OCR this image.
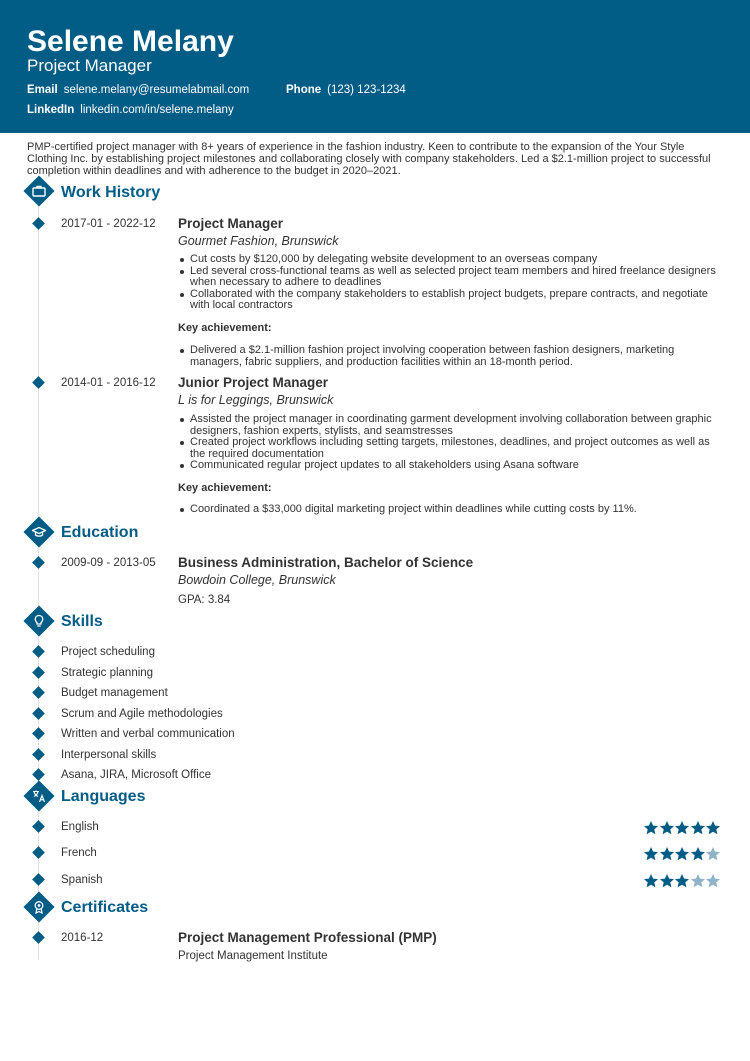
Selene Melany
Project Manager
Email selene.melany@resumelabmail.com	Phone (123) 123-1234
LinkedIn linkedin.com/in/selene.melany
PMP-certified project manager with 8+ years of experience in the fashion industry. Keen to contribute to the expansion of the Your Style Clothing Inc. by establishing project milestones and collaborating closely with company stakeholders. Led a $2.1-million project to successful completion within deadlines and with adherence to the budget in 2020–2021.
Work History
2017-01 - 2022-12 Project Manager
Gourmet Fashion, Brunswick
Cut costs by $120,000 by delegating website development to an overseas company
Led several cross-functional teams as well as selected project team members and hired freelance designers when necessary to adhere to deadlines
Collaborated with the company stakeholders to establish project budgets, prepare contracts, and negotiate with local contractors
Key achievement:
Delivered a $2.1-million fashion project involving cooperation between fashion designers, marketing managers, fabric suppliers, and production facilities within an 18-month period.
2014-01 - 2016-12 Junior Project Manager
L is for Leggings, Brunswick
Assisted the project manager in coordinating garment development involving collaboration between graphic designers, fashion experts, stylists, and seamstresses
Created project workflows including setting targets, milestones, deadlines, and project outcomes as well as the required documentation
Communicated regular project updates to all stakeholders using Asana software
Key achievement:
Coordinated a $33,000 digital marketing project within deadlines while cutting costs by 11%.
Education
2009-09 - 2013-05 Business Administration, Bachelor of Science
Bowdoin College, Brunswick
GPA: 3.84
Skills
Project scheduling
Strategic planning
Budget management
Scrum and Agile methodologies
Written and verbal communication
Interpersonal skills
Asana, JIRA, Microsoft Office
Languages
English
French
Spanish
Certificates
2016-12	Project Management Professional (PMP)
Project Management Institute
